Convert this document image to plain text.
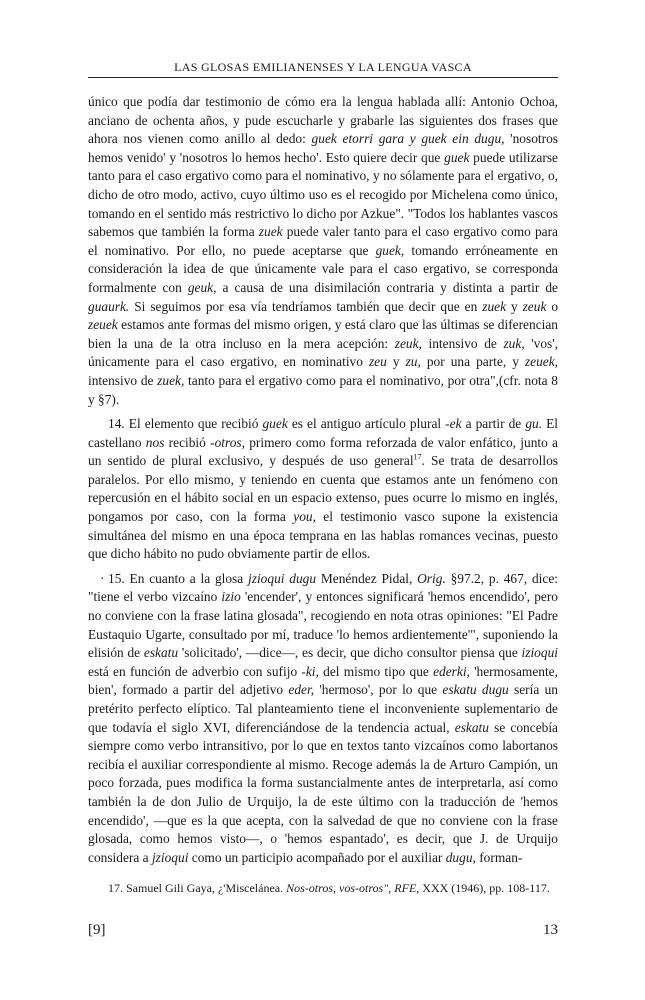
LAS GLOSAS EMILIANENSES Y LA LENGUA VASCA

único que podía dar testimonio de cómo era la lengua hablada allí: Antonio Ochoa, anciano de ochenta años, y pude escucharle y grabarle las siguientes dos frases que ahora nos vienen como anillo al dedo: guek etorri gara y guek ein dugu, 'nosotros hemos venido' y 'nosotros lo hemos hecho'. Esto quiere decir que guek puede utilizarse tanto para el caso ergativo como para el nominativo, y no sólamente para el ergativo, o, dicho de otro modo, activo, cuyo último uso es el recogido por Michelena como único, tomando en el sentido más restrictivo lo dicho por Azkue". "Todos los hablantes vascos sabemos que también la forma zuek puede valer tanto para el caso ergativo como para el nominativo. Por ello, no puede aceptarse que guek, tomando erróneamente en consideración la idea de que únicamente vale para el caso ergativo, se corresponda formalmente con geuk, a causa de una disimilación contraria y distinta a partir de guaurk. Si seguimos por esa vía tendríamos también que decir que en zuek y zeuk o zeuek estamos ante formas del mismo origen, y está claro que las últimas se diferencian bien la una de la otra incluso en la mera acepción: zeuk, intensivo de zuk, 'vos', únicamente para el caso ergativo, en nominativo zeu y zu, por una parte, y zeuek, intensivo de zuek, tanto para el ergativo como para el nominativo, por otra",(cfr. nota 8 y §7).

14. El elemento que recibió guek es el antiguo artículo plural -ek a partir de gu. El castellano nos recibió -otros, primero como forma reforzada de valor enfático, junto a un sentido de plural exclusivo, y después de uso general$^{17}$. Se trata de desarrollos paralelos. Por ello mismo, y teniendo en cuenta que estamos ante un fenómeno con repercusión en el hábito social en un espacio extenso, pues ocurre lo mismo en inglés, pongamos por caso, con la forma you, el testimonio vasco supone la existencia simultánea del mismo en una época temprana en las hablas romances vecinas, puesto que dicho hábito no pudo obviamente partir de ellos.

· 15. En cuanto a la glosa jzioqui dugu Menéndez Pidal, Orig. §97.2, p. 467, dice: "tiene el verbo vizcaíno izio 'encender', y entonces significará 'hemos encendido', pero no conviene con la frase latina glosada", recogiendo en nota otras opiniones: "El Padre Eustaquio Ugarte, consultado por mí, traduce 'lo hemos ardientemente'", suponiendo la elisión de eskatu 'solicitado', —dice—, es decir, que dicho consultor piensa que izioqui está en función de adverbio con sufijo -ki, del mismo tipo que ederki, 'hermosamente, bien', formado a partir del adjetivo eder, 'hermoso', por lo que eskatu dugu sería un pretérito perfecto elíptico. Tal planteamiento tiene el inconveniente suplementario de que todavía el siglo XVI, diferenciándose de la tendencia actual, eskatu se concebía siempre como verbo intransitivo, por lo que en textos tanto vizcaínos como labortanos recibía el auxiliar correspondiente al mismo. Recoge además la de Arturo Campión, un poco forzada, pues modifica la forma sustancialmente antes de interpretarla, así como también la de don Julio de Urquijo, la de este último con la traducción de 'hemos encendido', —que es la que acepta, con la salvedad de que no conviene con la frase glosada, como hemos visto—, o 'hemos espantado', es decir, que J. de Urquijo considera a jzioqui como un participio acompañado por el auxiliar dugu, forman-

17. Samuel Gili Gaya, ¿'Miscelánea. Nos-otros, vos-otros", RFE, XXX (1946), pp. 108-117.
[9]	13
